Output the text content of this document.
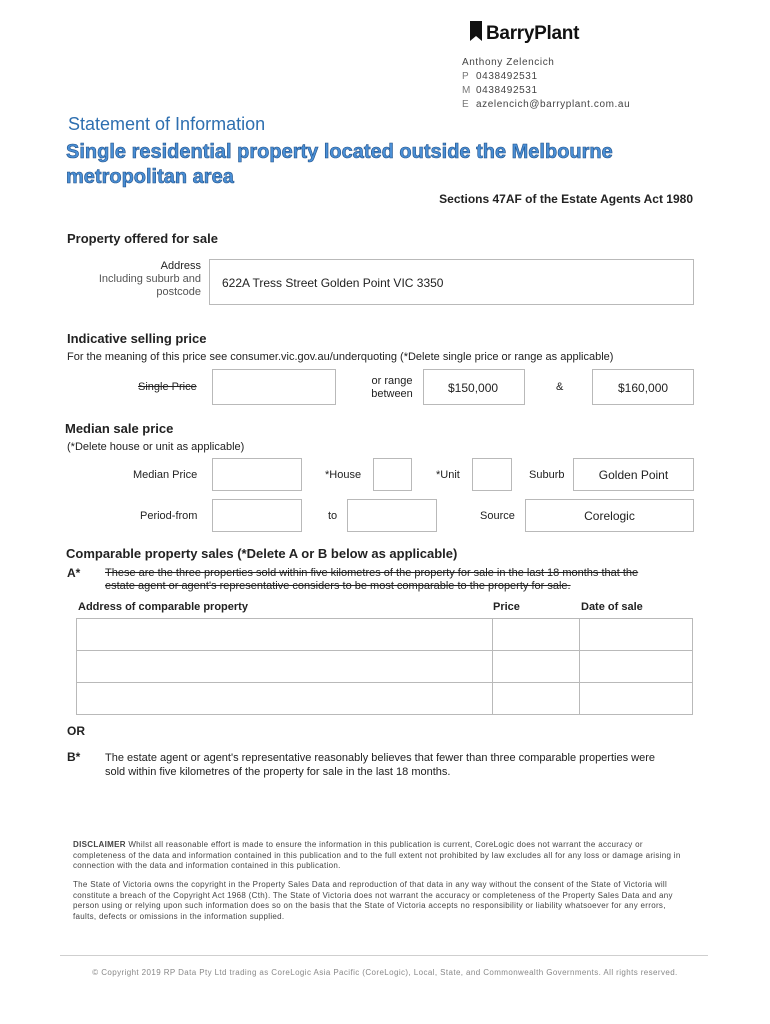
BarryPlant
Anthony Zelencich
P 0438492531
M 0438492531
E azelencich@barryplant.com.au
Statement of Information
Single residential property located outside the Melbourne metropolitan area
Sections 47AF of the Estate Agents Act 1980
Property offered for sale
Address
Including suburb and
postcode
622A Tress Street Golden Point VIC 3350
Indicative selling price
For the meaning of this price see consumer.vic.gov.au/underquoting (*Delete single price or range as applicable)
Single Price	or range
between	$150,000	&	$160,000
Median sale price
(*Delete house or unit as applicable)
Median Price	*House	*Unit	Suburb	Golden Point
Period-from	to	Source	Corelogic
Comparable property sales (*Delete A or B below as applicable)
A* These are the three properties sold within five kilometres of the property for sale in the last 18 months that the
estate agent or agent's representative considers to be most comparable to the property for sale.
Address of comparable property	Price	Date of sale

OR
B* The estate agent or agent's representative reasonably believes that fewer than three comparable properties were
sold within five kilometres of the property for sale in the last 18 months.
DISCLAIMER Whilst all reasonable effort is made to ensure the information in this publication is current, CoreLogic does not warrant the accuracy or completeness of the data and information contained in this publication and to the full extent not prohibited by law excludes all for any loss or damage arising in connection with the data and information contained in this publication.
The State of Victoria owns the copyright in the Property Sales Data and reproduction of that data in any way without the consent of the State of Victoria will constitute a breach of the Copyright Act 1968 (Cth). The State of Victoria does not warrant the accuracy or completeness of the Property Sales Data and any person using or relying upon such information does so on the basis that the State of Victoria accepts no responsibility or liability whatsoever for any errors, faults, defects or omissions in the information supplied.
© Copyright 2019 RP Data Pty Ltd trading as CoreLogic Asia Pacific (CoreLogic), Local, State, and Commonwealth Governments. All rights reserved.
